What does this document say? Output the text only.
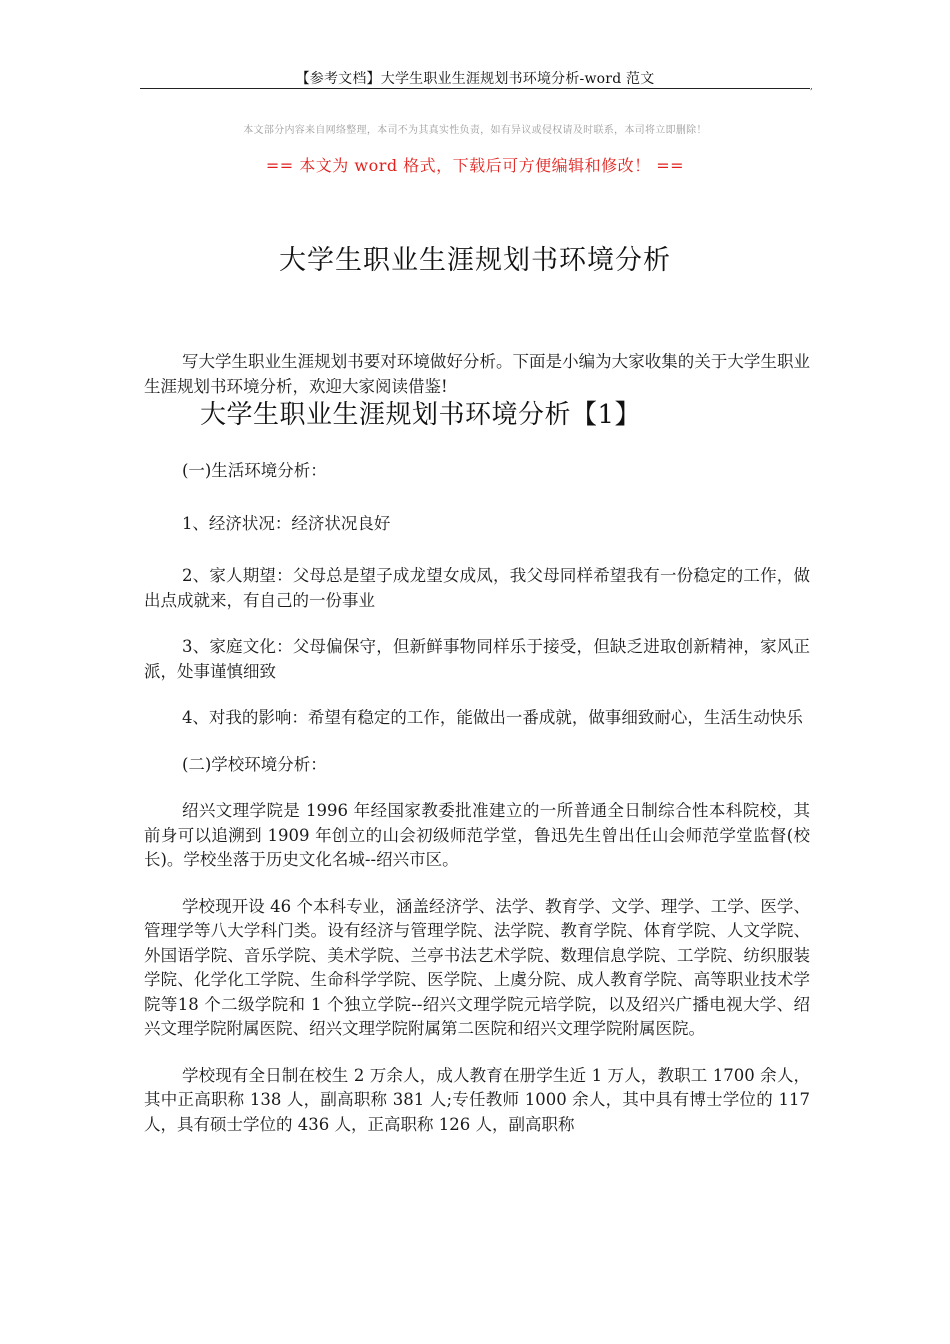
【参考文档】大学生职业生涯规划书环境分析-word 范文	,
本文部分内容来自网络整理，本司不为其真实性负责，如有异议或侵权请及时联系，本司将立即删除！
== 本文为 word 格式，下载后可方便编辑和修改！ ==
大学生职业生涯规划书环境分析

写大学生职业生涯规划书要对环境做好分析。下面是小编为大家收集的关于大学生职业生涯规划书环境分析，欢迎大家阅读借鉴!

大学生职业生涯规划书环境分析【1】

(一)生活环境分析：

1、经济状况：经济状况良好

2、家人期望：父母总是望子成龙望女成凤，我父母同样希望我有一份稳定的工作，做出点成就来，有自己的一份事业

3、家庭文化：父母偏保守，但新鲜事物同样乐于接受，但缺乏进取创新精神，家风正派，处事谨慎细致

4、对我的影响：希望有稳定的工作，能做出一番成就，做事细致耐心，生活生动快乐

(二)学校环境分析：

绍兴文理学院是 1996 年经国家教委批准建立的一所普通全日制综合性本科院校，其前身可以追溯到 1909 年创立的山会初级师范学堂，鲁迅先生曾出任山会师范学堂监督(校长)。学校坐落于历史文化名城--绍兴市区。

学校现开设 46 个本科专业，涵盖经济学、法学、教育学、文学、理学、工学、医学、管理学等八大学科门类。设有经济与管理学院、法学院、教育学院、体育学院、人文学院、外国语学院、音乐学院、美术学院、兰亭书法艺术学院、数理信息学院、工学院、纺织服装学院、化学化工学院、生命科学学院、医学院、上虞分院、成人教育学院、高等职业技术学院等18 个二级学院和 1 个独立学院--绍兴文理学院元培学院，以及绍兴广播电视大学、绍兴文理学院附属医院、绍兴文理学院附属第二医院和绍兴文理学院附属医院。

学校现有全日制在校生 2 万余人，成人教育在册学生近 1 万人，教职工 1700 余人，其中正高职称 138 人，副高职称 381 人;专任教师 1000 余人，其中具有博士学位的 117 人，具有硕士学位的 436 人，正高职称 126 人，副高职称
